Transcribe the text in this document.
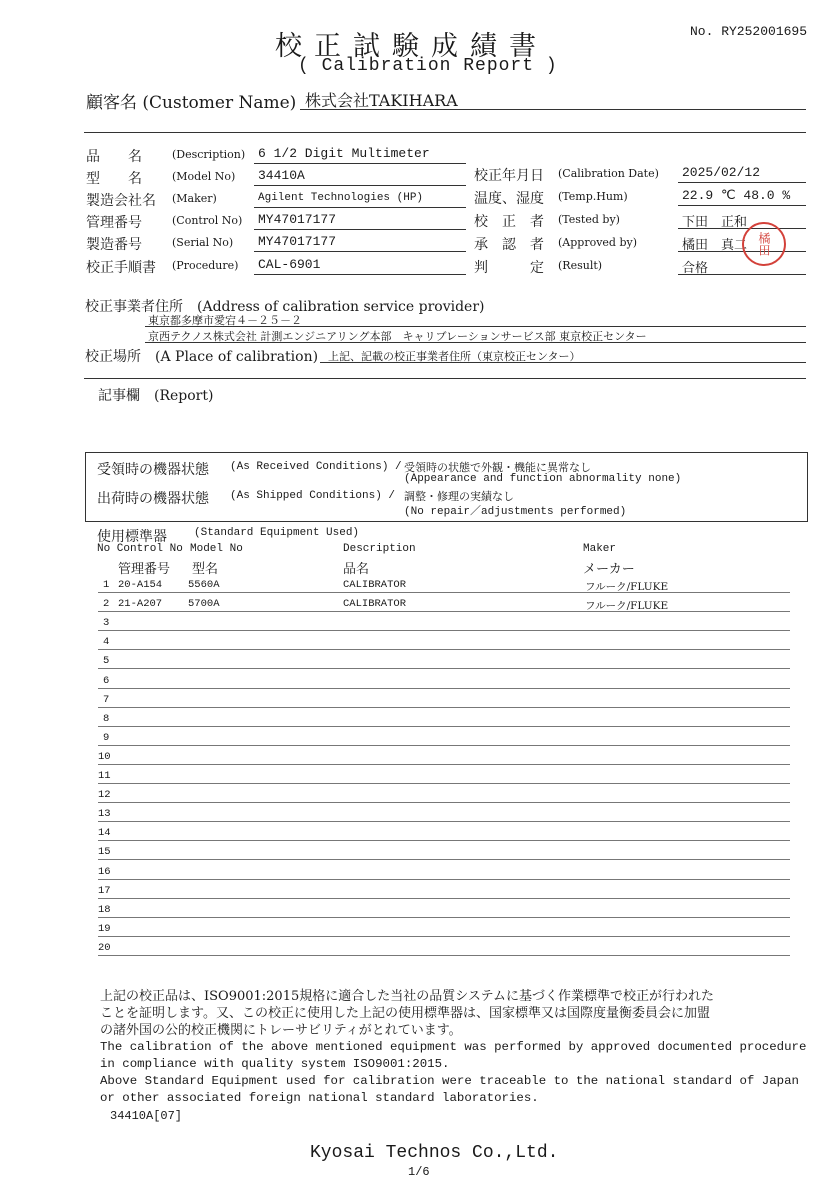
校正試験成績書
( Calibration Report )
No. RY252001695
顧客名 (Customer Name) 株式会社TAKIHARA
品　　名	(Description) 6 1/2 Digit Multimeter
型　　名	(Model No) 34410A
製造会社名 (Maker)	Agilent Technologies (HP)
管理番号	(Control No) MY47017177
製造番号	(Serial No) MY47017177
校正手順書 (Procedure) CAL-6901
校正年月日 (Calibration Date) 2025/02/12
温度、湿度 (Temp.Hum)	22.9 ℃ 48.0 %
校　正　者 (Tested by)	下田　正和
承　認　者 (Approved by)	橘田　真二
判　　　定 (Result)	合格
橘田
校正事業者住所　(Address of calibration service provider)
東京都多摩市愛宕４－２５－２
京西テクノス株式会社 計測エンジニアリング本部　キャリブレーションサービス部 東京校正センター
校正場所　(A Place of calibration) 上記、記載の校正事業者住所（東京校正センター）
記事欄　(Report)
受領時の機器状態 (As Received Conditions) / 受領時の状態で外観・機能に異常なし
(Appearance and function abnormality none)
出荷時の機器状態 (As Shipped Conditions) / 調整・修理の実績なし
(No repair／adjustments performed)
使用標準器 (Standard Equipment Used)
No Control No Model No	Description	Maker
管理番号 型名	品名	メーカー
1 20-A154 5560A	CALIBRATOR	フルーク/FLUKE
2 21-A207 5700A	CALIBRATOR	フルーク/FLUKE
3
4
5
6
7
8
9
10
11
12
13
14
15
16
17
18
19
20
上記の校正品は、ISO9001:2015規格に適合した当社の品質システムに基づく作業標準で校正が行われた
ことを証明します。又、この校正に使用した上記の使用標準器は、国家標準又は国際度量衡委員会に加盟
の諸外国の公的校正機関にトレーサビリティがとれています。
The calibration of the above mentioned equipment was performed by approved documented procedure
in compliance with quality system ISO9001:2015.
Above Standard Equipment used for calibration were traceable to the national standard of Japan
or other associated foreign national standard laboratories.
34410A[07]
Kyosai Technos Co.,Ltd.
1/6
